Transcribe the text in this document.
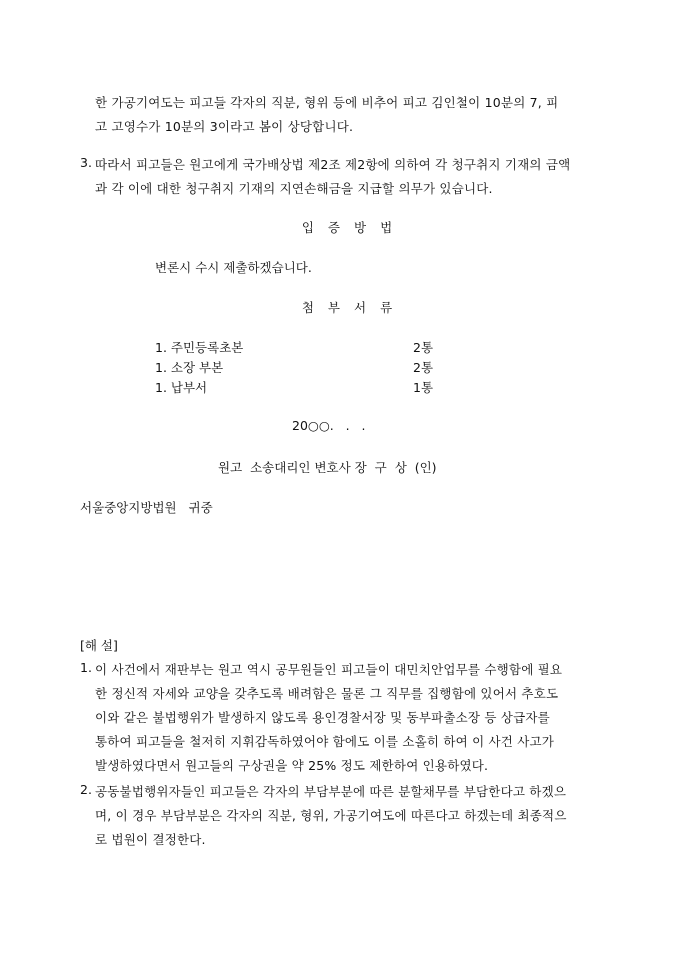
한 가공기여도는 피고들 각자의 직분, 형위 등에 비추어 피고 김인철이 10분의 7, 피
고 고영수가 10분의 3이라고 봄이 상당합니다.
3. 따라서 피고들은 원고에게 국가배상법 제2조 제2항에 의하여 각 청구취지 기재의 금액
과 각 이에 대한 청구취지 기재의 지연손해금을 지급할 의무가 있습니다.
입증방법
변론시 수시 제출하겠습니다.
첨부서류
1. 주민등록초본	2통
1. 소장 부본	2통
1. 납부서	1통
20○○.   .   .
원고  소송대리인 변호사 장  구  상  (인)
서울중앙지방법원   귀중
[해 설]
1. 이 사건에서 재판부는 원고 역시 공무원들인 피고들이 대민치안업무를 수행함에 필요
한 정신적 자세와 교양을 갖추도록 배려함은 물론 그 직무를 집행함에 있어서 추호도
이와 같은 불법행위가 발생하지 않도록 용인경찰서장 및 동부파출소장 등 상급자를
통하여 피고들을 철저히 지휘감독하였어야 함에도 이를 소홀히 하여 이 사건 사고가
발생하였다면서 원고들의 구상권을 약 25% 정도 제한하여 인용하였다.
2. 공동불법행위자들인 피고들은 각자의 부담부분에 따른 분할채무를 부담한다고 하겠으
며, 이 경우 부담부분은 각자의 직분, 형위, 가공기여도에 따른다고 하겠는데 최종적으
로 법원이 결정한다.
